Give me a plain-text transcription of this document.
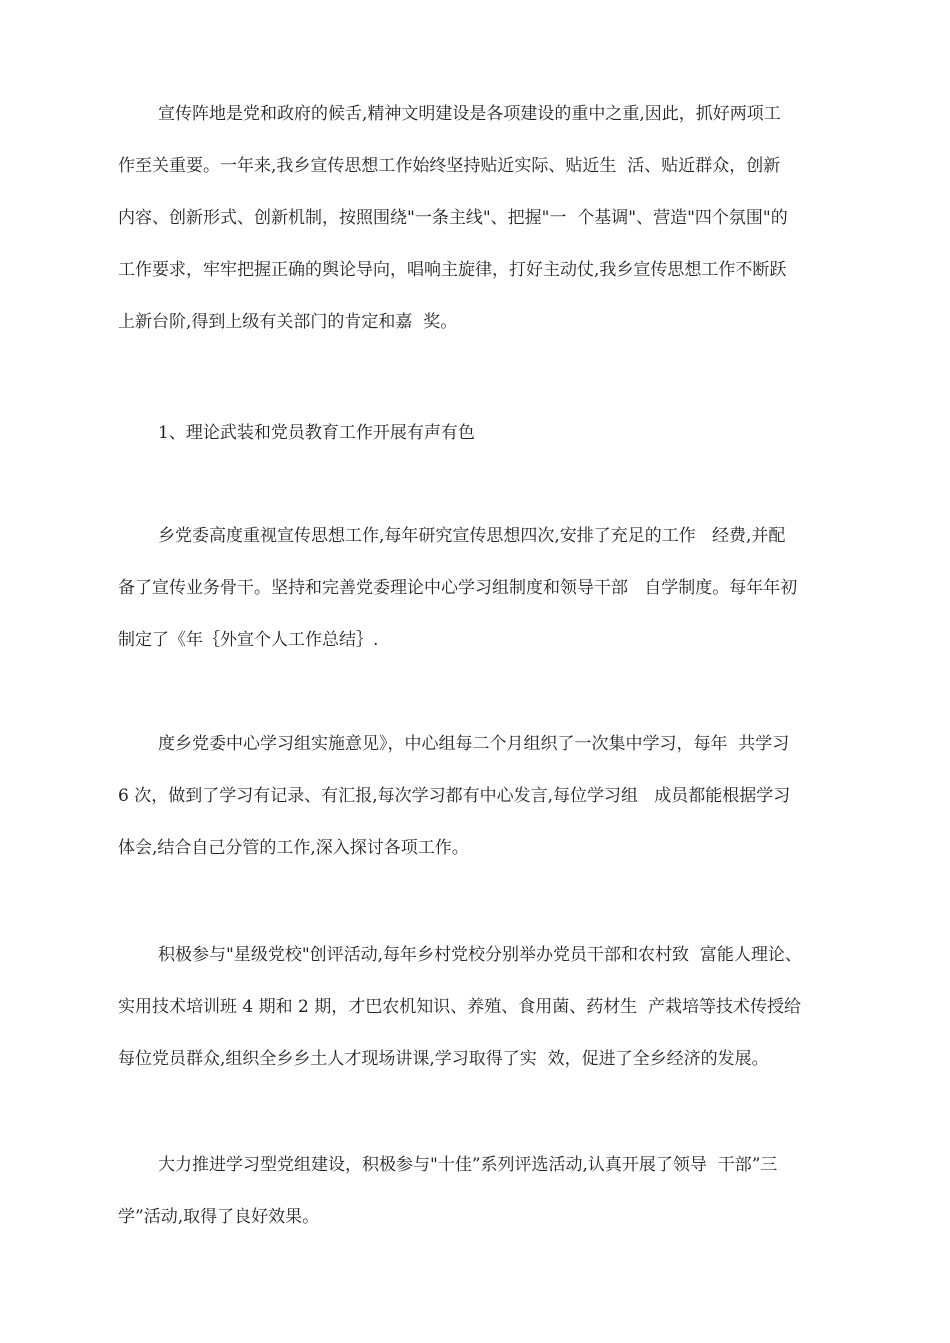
宣传阵地是党和政府的候舌,精神文明建设是各项建设的重中之重,因此，抓好两项工
作至关重要。一年来,我乡宣传思想工作始终坚持贴近实际、贴近生  活、贴近群众，创新
内容、创新形式、创新机制，按照围绕"一条主线"、把握"一  个基调"、营造"四个氛围"的
工作要求，牢牢把握正确的舆论导向，唱响主旋律，打好主动仗,我乡宣传思想工作不断跃
上新台阶,得到上级有关部门的肯定和嘉  奖。
1、理论武装和党员教育工作开展有声有色
乡党委高度重视宣传思想工作,每年研究宣传思想四次,安排了充足的工作   经费,并配
备了宣传业务骨干。坚持和完善党委理论中心学习组制度和领导干部   自学制度。每年年初
制定了《年｛外宣个人工作总结｝.
度乡党委中心学习组实施意见》，中心组每二个月组织了一次集中学习，每年  共学习
6 次，做到了学习有记录、有汇报,每次学习都有中心发言,每位学习组   成员都能根据学习
体会,结合自己分管的工作,深入探讨各项工作。
积极参与"星级党校"创评活动,每年乡村党校分别举办党员干部和农村致  富能人理论、
实用技术培训班 4 期和 2 期，才巴农机知识、养殖、食用菌、药材生  产栽培等技术传授给
每位党员群众,组织全乡乡土人才现场讲课,学习取得了实  效，促进了全乡经济的发展。
大力推进学习型党组建设，积极参与"十佳”系列评选活动,认真开展了领导  干部”三
学”活动,取得了良好效果。
